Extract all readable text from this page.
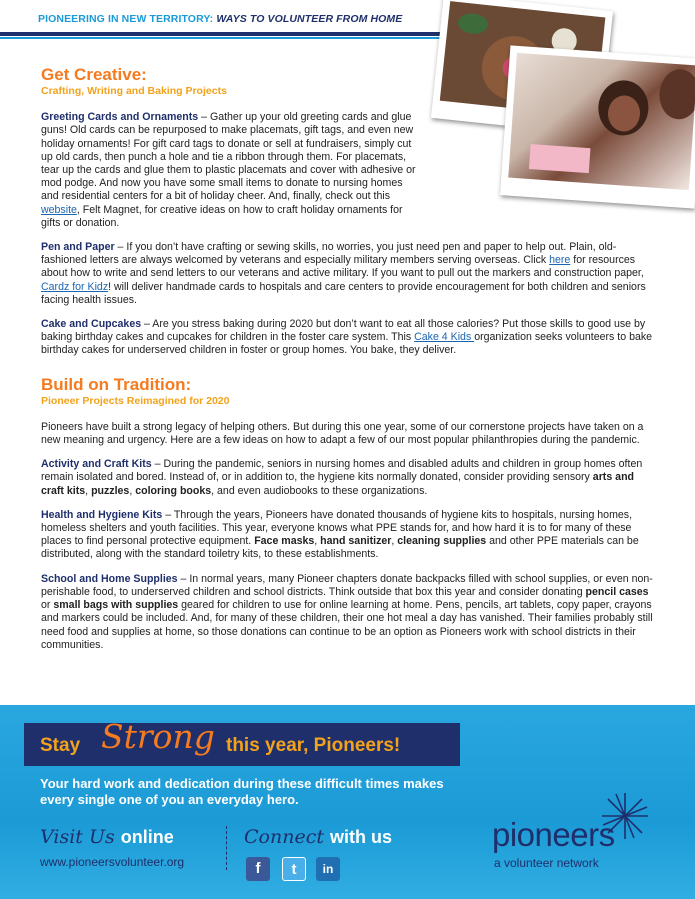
PIONEERING IN NEW TERRITORY: WAYS TO VOLUNTEER FROM HOME
Get Creative:
Crafting, Writing and Baking Projects

Greeting Cards and Ornaments – Gather up your old greeting cards and glue guns! Old cards can be repurposed to make placemats, gift tags, and even new holiday ornaments! For gift card tags to donate or sell at fundraisers, simply cut up old cards, then punch a hole and tie a ribbon through them. For placemats, tear up the cards and glue them to plastic placemats and cover with adhesive or mod podge. And now you have some small items to donate to nursing homes and residential centers for a bit of holiday cheer. And, finally, check out this website, Felt Magnet, for creative ideas on how to craft holiday ornaments for gifts or donation.

Pen and Paper – If you don’t have crafting or sewing skills, no worries, you just need pen and paper to help out. Plain, old-fashioned letters are always welcomed by veterans and especially military members serving overseas. Click here for resources about how to write and send letters to our veterans and active military. If you want to pull out the markers and construction paper, Cardz for Kidz! will deliver handmade cards to hospitals and care centers to provide encouragement for both children and seniors facing health issues.

Cake and Cupcakes – Are you stress baking during 2020 but don’t want to eat all those calories? Put those skills to good use by baking birthday cakes and cupcakes for children in the foster care system. This Cake 4 Kids organization seeks volunteers to bake birthday cakes for underserved children in foster or group homes. You bake, they deliver.

Build on Tradition:
Pioneer Projects Reimagined for 2020

Pioneers have built a strong legacy of helping others. But during this one year, some of our cornerstone projects have taken on a new meaning and urgency. Here are a few ideas on how to adapt a few of our most popular philanthropies during the pandemic.

Activity and Craft Kits – During the pandemic, seniors in nursing homes and disabled adults and children in group homes often remain isolated and bored. Instead of, or in addition to, the hygiene kits normally donated, consider providing sensory arts and craft kits, puzzles, coloring books, and even audiobooks to these organizations.

Health and Hygiene Kits – Through the years, Pioneers have donated thousands of hygiene kits to hospitals, nursing homes, homeless shelters and youth facilities. This year, everyone knows what PPE stands for, and how hard it is to for many of these places to find personal protective equipment. Face masks, hand sanitizer, cleaning supplies and other PPE materials can be distributed, along with the standard toiletry kits, to these establishments.

School and Home Supplies – In normal years, many Pioneer chapters donate backpacks filled with school supplies, or even non-perishable food, to underserved children and school districts. Think outside that box this year and consider donating pencil cases or small bags with supplies geared for children to use for online learning at home. Pens, pencils, art tablets, copy paper, crayons and markers could be included. And, for many of these children, their one hot meal a day has vanished. Their families probably still need food and supplies at home, so those donations can continue to be an option as Pioneers work with school districts in their communities.

Stay Strong this year, Pioneers!
Your hard work and dedication during these difficult times makes every single one of you an everyday hero.
Visit Us online
www.pioneersvolunteer.org
Connect with us
f	t	in
pioneers
a volunteer network
